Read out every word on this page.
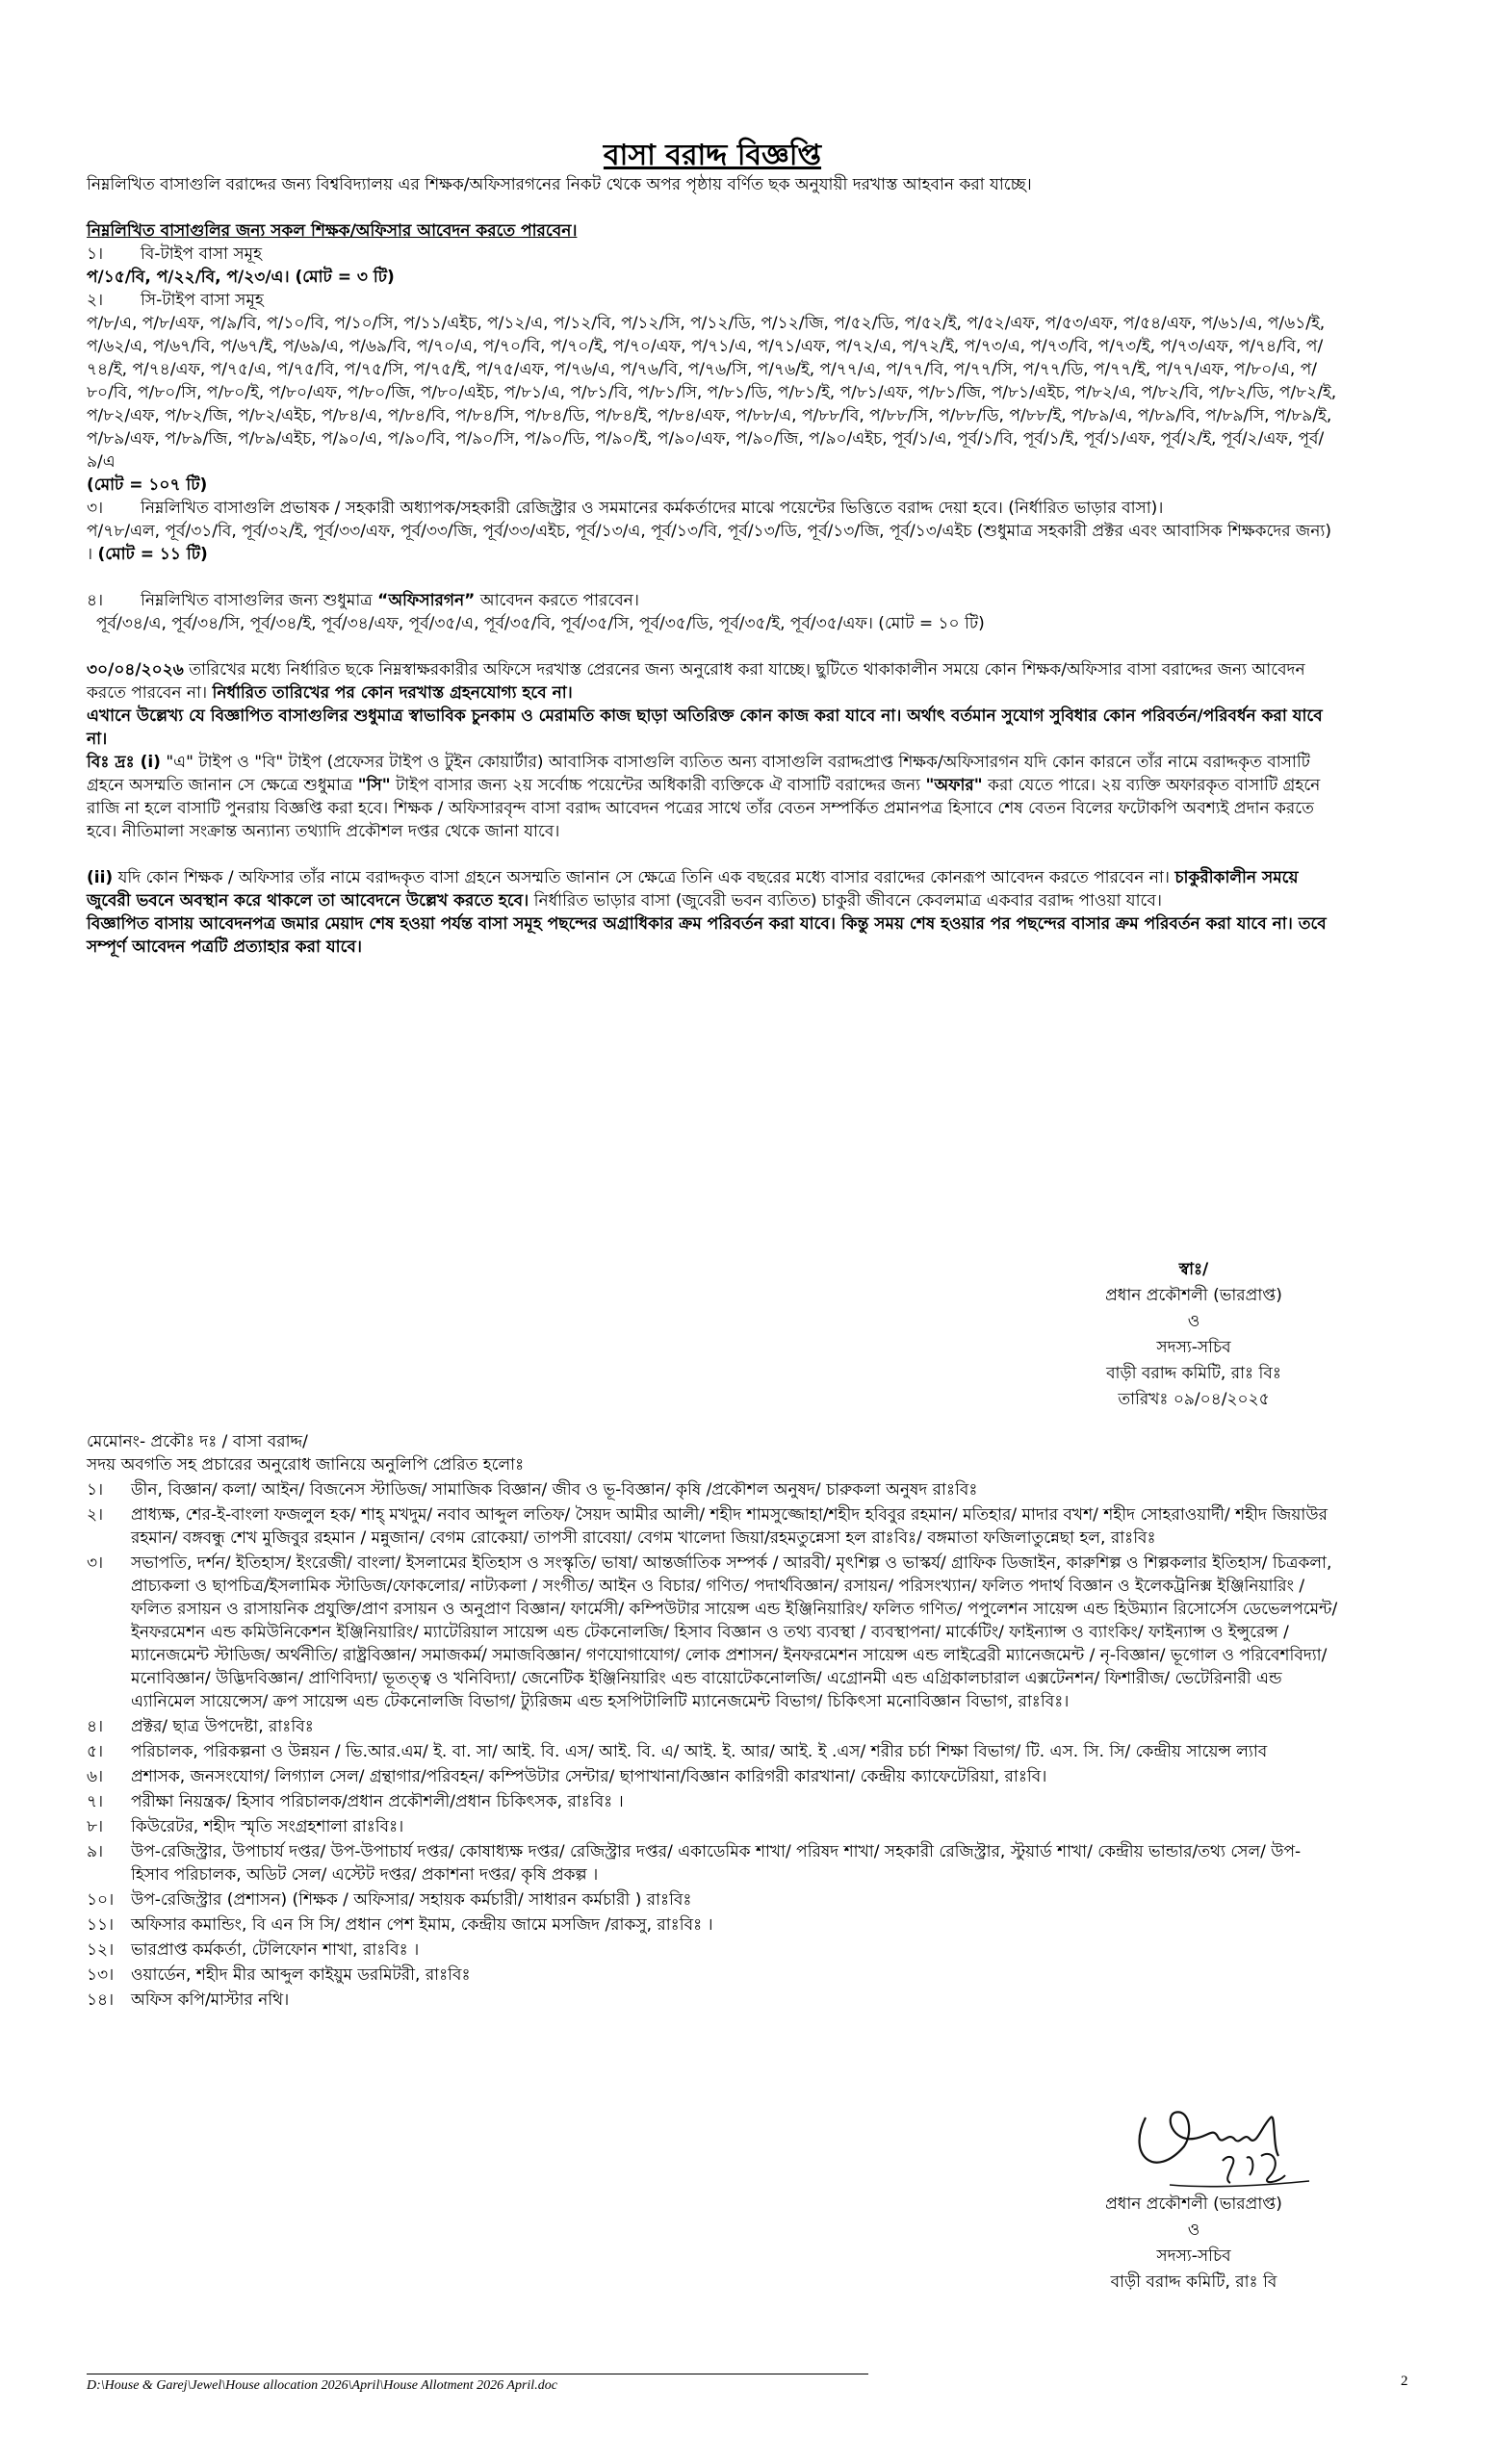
বাসা বরাদ্দ বিজ্ঞপ্তি

নিম্নলিখিত বাসাগুলি বরাদ্দের জন্য বিশ্ববিদ্যালয় এর শিক্ষক/অফিসারগনের নিকট থেকে অপর পৃষ্ঠায় বর্ণিত ছক অনুযায়ী দরখাস্ত আহবান করা যাচ্ছে।

নিম্নলিখিত বাসাগুলির জন্য সকল শিক্ষক/অফিসার আবেদন করতে পারবেন।

১।	বি-টাইপ বাসা সমূহ

প/১৫/বি, প/২২/বি, প/২৩/এ। (মোট = ৩ টি)

২।	সি-টাইপ বাসা সমূহ

প/৮/এ, প/৮/এফ, প/৯/বি, প/১০/বি, প/১০/সি, প/১১/এইচ, প/১২/এ, প/১২/বি, প/১২/সি, প/১২/ডি, প/১২/জি, প/৫২/ডি, প/৫২/ই, প/৫২/এফ, প/৫৩/এফ, প/৫৪/এফ, প/৬১/এ, প/৬১/ই, প/৬২/এ, প/৬৭/বি, প/৬৭/ই, প/৬৯/এ, প/৬৯/বি, প/৭০/এ, প/৭০/বি, প/৭০/ই, প/৭০/এফ, প/৭১/এ, প/৭১/এফ, প/৭২/এ, প/৭২/ই, প/৭৩/এ, প/৭৩/বি, প/৭৩/ই, প/৭৩/এফ, প/৭৪/বি, প/৭৪/ই, প/৭৪/এফ, প/৭৫/এ, প/৭৫/বি, প/৭৫/সি, প/৭৫/ই, প/৭৫/এফ, প/৭৬/এ, প/৭৬/বি, প/৭৬/সি, প/৭৬/ই, প/৭৭/এ, প/৭৭/বি, প/৭৭/সি, প/৭৭/ডি, প/৭৭/ই, প/৭৭/এফ, প/৮০/এ, প/৮০/বি, প/৮০/সি, প/৮০/ই, প/৮০/এফ, প/৮০/জি, প/৮০/এইচ, প/৮১/এ, প/৮১/বি, প/৮১/সি, প/৮১/ডি, প/৮১/ই, প/৮১/এফ, প/৮১/জি, প/৮১/এইচ, প/৮২/এ, প/৮২/বি, প/৮২/ডি, প/৮২/ই, প/৮২/এফ, প/৮২/জি, প/৮২/এইচ, প/৮৪/এ, প/৮৪/বি, প/৮৪/সি, প/৮৪/ডি, প/৮৪/ই, প/৮৪/এফ, প/৮৮/এ, প/৮৮/বি, প/৮৮/সি, প/৮৮/ডি, প/৮৮/ই, প/৮৯/এ, প/৮৯/বি, প/৮৯/সি, প/৮৯/ই, প/৮৯/এফ, প/৮৯/জি, প/৮৯/এইচ, প/৯০/এ, প/৯০/বি, প/৯০/সি, প/৯০/ডি, প/৯০/ই, প/৯০/এফ, প/৯০/জি, প/৯০/এইচ, পূর্ব/১/এ, পূর্ব/১/বি, পূর্ব/১/ই, পূর্ব/১/এফ, পূর্ব/২/ই, পূর্ব/২/এফ, পূর্ব/৯/এ

(মোট = ১০৭ টি)

৩।	নিম্নলিখিত বাসাগুলি প্রভাষক / সহকারী অধ্যাপক/সহকারী রেজিস্ট্রার ও সমমানের কর্মকর্তাদের মাঝে পয়েন্টের ভিত্তিতে বরাদ্দ দেয়া হবে। (নির্ধারিত ভাড়ার বাসা)।

প/৭৮/এল, পূর্ব/৩১/বি, পূর্ব/৩২/ই, পূর্ব/৩৩/এফ, পূর্ব/৩৩/জি, পূর্ব/৩৩/এইচ, পূর্ব/১৩/এ, পূর্ব/১৩/বি, পূর্ব/১৩/ডি, পূর্ব/১৩/জি, পূর্ব/১৩/এইচ (শুধুমাত্র সহকারী প্রক্টর এবং আবাসিক শিক্ষকদের জন্য) । (মোট = ১১ টি)

৪।	নিম্নলিখিত বাসাগুলির জন্য শুধুমাত্র “অফিসারগন” আবেদন করতে পারবেন।

পূর্ব/৩৪/এ, পূর্ব/৩৪/সি, পূর্ব/৩৪/ই, পূর্ব/৩৪/এফ, পূর্ব/৩৫/এ, পূর্ব/৩৫/বি, পূর্ব/৩৫/সি, পূর্ব/৩৫/ডি, পূর্ব/৩৫/ই, পূর্ব/৩৫/এফ। (মোট = ১০ টি)

৩০/০৪/২০২৬ তারিখের মধ্যে নির্ধারিত ছকে নিম্নস্বাক্ষরকারীর অফিসে দরখাস্ত প্রেরনের জন্য অনুরোধ করা যাচ্ছে। ছুটিতে থাকাকালীন সময়ে কোন শিক্ষক/অফিসার বাসা বরাদ্দের জন্য আবেদন করতে পারবেন না। নির্ধারিত তারিখের পর কোন দরখাস্ত গ্রহনযোগ্য হবে না।

এখানে উল্লেখ্য যে বিজ্ঞাপিত বাসাগুলির শুধুমাত্র স্বাভাবিক চুনকাম ও মেরামতি কাজ ছাড়া অতিরিক্ত কোন কাজ করা যাবে না। অর্থাৎ বর্তমান সুযোগ সুবিধার কোন পরিবর্তন/পরিবর্ধন করা যাবে না।

বিঃ দ্রঃ (i) "এ" টাইপ ও "বি" টাইপ (প্রফেসর টাইপ ও টুইন কোয়ার্টার) আবাসিক বাসাগুলি ব্যতিত অন্য বাসাগুলি বরাদ্দপ্রাপ্ত শিক্ষক/অফিসারগন যদি কোন কারনে তাঁর নামে বরাদ্দকৃত বাসাটি গ্রহনে অসম্মতি জানান সে ক্ষেত্রে শুধুমাত্র "সি" টাইপ বাসার জন্য ২য় সর্বোচ্চ পয়েন্টের অধিকারী ব্যক্তিকে ঐ বাসাটি বরাদ্দের জন্য "অফার" করা যেতে পারে। ২য় ব্যক্তি অফারকৃত বাসাটি গ্রহনে রাজি না হলে বাসাটি পুনরায় বিজ্ঞপ্তি করা হবে। শিক্ষক / অফিসারবৃন্দ বাসা বরাদ্দ আবেদন পত্রের সাথে তাঁর বেতন সম্পর্কিত প্রমানপত্র হিসাবে শেষ বেতন বিলের ফটোকপি অবশ্যই প্রদান করতে হবে। নীতিমালা সংক্রান্ত অন্যান্য তথ্যাদি প্রকৌশল দপ্তর থেকে জানা যাবে।

(ii) যদি কোন শিক্ষক / অফিসার তাঁর নামে বরাদ্দকৃত বাসা গ্রহনে অসম্মতি জানান সে ক্ষেত্রে তিনি এক বছরের মধ্যে বাসার বরাদ্দের কোনরূপ আবেদন করতে পারবেন না। চাকুরীকালীন সময়ে জুবেরী ভবনে অবস্থান করে থাকলে তা আবেদনে উল্লেখ করতে হবে। নির্ধারিত ভাড়ার বাসা (জুবেরী ভবন ব্যতিত) চাকুরী জীবনে কেবলমাত্র একবার বরাদ্দ পাওয়া যাবে।

বিজ্ঞাপিত বাসায় আবেদনপত্র জমার মেয়াদ শেষ হওয়া পর্যন্ত বাসা সমূহ পছন্দের অগ্রাধিকার ক্রম পরিবর্তন করা যাবে। কিন্তু সময় শেষ হওয়ার পর পছন্দের বাসার ক্রম পরিবর্তন করা যাবে না। তবে সম্পূর্ণ আবেদন পত্রটি প্রত্যাহার করা যাবে।

স্বাঃ/
প্রধান প্রকৌশলী (ভারপ্রাপ্ত)
ও
সদস্য-সচিব
বাড়ী বরাদ্দ কমিটি, রাঃ বিঃ
তারিখঃ ০৯/০৪/২০২৫

মেমোনং- প্রকৌঃ দঃ / বাসা বরাদ্দ/

সদয় অবগতি সহ প্রচারের অনুরোধ জানিয়ে অনুলিপি প্রেরিত হলোঃ

১।	ডীন, বিজ্ঞান/ কলা/ আইন/ বিজনেস স্টাডিজ/ সামাজিক বিজ্ঞান/ জীব ও ভূ-বিজ্ঞান/ কৃষি /প্রকৌশল অনুষদ/ চারুকলা অনুষদ রাঃবিঃ
২।	প্রাধ্যক্ষ, শের-ই-বাংলা ফজলুল হক/ শাহ্ মখদুম/ নবাব আব্দুল লতিফ/ সৈয়দ আমীর আলী/ শহীদ শামসুজ্জোহা/শহীদ হবিবুর রহমান/ মতিহার/ মাদার বখশ/ শহীদ সোহরাওয়ার্দী/ শহীদ জিয়াউর রহমান/ বঙ্গবন্ধু শেখ মুজিবুর রহমান / মন্নুজান/ বেগম রোকেয়া/ তাপসী রাবেয়া/ বেগম খালেদা জিয়া/রহমতুন্নেসা হল রাঃবিঃ/ বঙ্গমাতা ফজিলাতুন্নেছা হল, রাঃবিঃ
৩।	সভাপতি, দর্শন/ ইতিহাস/ ইংরেজী/ বাংলা/ ইসলামের ইতিহাস ও সংস্কৃতি/ ভাষা/ আন্তর্জাতিক সম্পর্ক / আরবী/ মৃৎশিল্প ও ভাস্কর্য/ গ্রাফিক ডিজাইন, কারুশিল্প ও শিল্পকলার ইতিহাস/ চিত্রকলা, প্রাচ্যকলা ও ছাপচিত্র/ইসলামিক স্টাডিজ/ফোকলোর/ নাট্যকলা / সংগীত/ আইন ও বিচার/ গণিত/ পদার্থবিজ্ঞান/ রসায়ন/ পরিসংখ্যান/ ফলিত পদার্থ বিজ্ঞান ও ইলেকট্রনিক্স ইঞ্জিনিয়ারিং / ফলিত রসায়ন ও রাসায়নিক প্রযুক্তি/প্রাণ রসায়ন ও অনুপ্রাণ বিজ্ঞান/ ফার্মেসী/ কম্পিউটার সায়েন্স এন্ড ইঞ্জিনিয়ারিং/ ফলিত গণিত/ পপুলেশন সায়েন্স এন্ড হিউম্যান রিসোর্সেস ডেভেলপমেন্ট/ ইনফরমেশন এন্ড কমিউনিকেশন ইঞ্জিনিয়ারিং/ ম্যাটেরিয়াল সায়েন্স এন্ড টেকনোলজি/ হিসাব বিজ্ঞান ও তথ্য ব্যবস্থা / ব্যবস্থাপনা/ মার্কেটিং/ ফাইন্যান্স ও ব্যাংকিং/ ফাইন্যান্স ও ইন্সুরেন্স / ম্যানেজমেন্ট স্টাডিজ/ অর্থনীতি/ রাষ্ট্রবিজ্ঞান/ সমাজকর্ম/ সমাজবিজ্ঞান/ গণযোগাযোগ/ লোক প্রশাসন/ ইনফরমেশন সায়েন্স এন্ড লাইব্রেরী ম্যানেজমেন্ট / নৃ-বিজ্ঞান/ ভূগোল ও পরিবেশবিদ্যা/ মনোবিজ্ঞান/ উদ্ভিদবিজ্ঞান/ প্রাণিবিদ্যা/ ভূতত্ত্ব ও খনিবিদ্যা/ জেনেটিক ইঞ্জিনিয়ারিং এন্ড বায়োটেকনোলজি/ এগ্রোনমী এন্ড এগ্রিকালচারাল এক্সটেনশন/ ফিশারীজ/ ভেটেরিনারী এন্ড এ্যানিমেল সায়েন্সেস/ ক্রপ সায়েন্স এন্ড টেকনোলজি বিভাগ/ ট্যুরিজম এন্ড হসপিটালিটি ম্যানেজমেন্ট বিভাগ/ চিকিৎসা মনোবিজ্ঞান বিভাগ, রাঃবিঃ।
৪।	প্রক্টর/ ছাত্র উপদেষ্টা, রাঃবিঃ
৫।	পরিচালক, পরিকল্পনা ও উন্নয়ন / ভি.আর.এম/ ই. বা. সা/ আই. বি. এস/ আই. বি. এ/ আই. ই. আর/ আই. ই .এস/ শরীর চর্চা শিক্ষা বিভাগ/ টি. এস. সি. সি/ কেন্দ্রীয় সায়েন্স ল্যাব
৬।	প্রশাসক, জনসংযোগ/ লিগ্যাল সেল/ গ্রন্থাগার/পরিবহন/ কম্পিউটার সেন্টার/ ছাপাখানা/বিজ্ঞান কারিগরী কারখানা/ কেন্দ্রীয় ক্যাফেটেরিয়া, রাঃবি।
৭।	পরীক্ষা নিয়ন্ত্রক/ হিসাব পরিচালক/প্রধান প্রকৌশলী/প্রধান চিকিৎসক, রাঃবিঃ ।
৮।	কিউরেটর, শহীদ স্মৃতি সংগ্রহশালা রাঃবিঃ।
৯।	উপ-রেজিস্ট্রার, উপাচার্য দপ্তর/ উপ-উপাচার্য দপ্তর/ কোষাধ্যক্ষ দপ্তর/ রেজিস্ট্রার দপ্তর/ একাডেমিক শাখা/ পরিষদ শাখা/ সহকারী রেজিস্ট্রার, স্টুয়ার্ড শাখা/ কেন্দ্রীয় ভান্ডার/তথ্য সেল/ উপ-হিসাব পরিচালক, অডিট সেল/ এস্টেট দপ্তর/ প্রকাশনা দপ্তর/ কৃষি প্রকল্প ।
১০।	উপ-রেজিস্ট্রার (প্রশাসন) (শিক্ষক / অফিসার/ সহায়ক কর্মচারী/ সাধারন কর্মচারী ) রাঃবিঃ
১১।	অফিসার কমান্ডিং, বি এন সি সি/ প্রধান পেশ ইমাম, কেন্দ্রীয় জামে মসজিদ /রাকসু, রাঃবিঃ ।
১২।	ভারপ্রাপ্ত কর্মকর্তা, টেলিফোন শাখা, রাঃবিঃ ।
১৩।	ওয়ার্ডেন, শহীদ মীর আব্দুল কাইয়ুম ডরমিটরী, রাঃবিঃ
১৪।	অফিস কপি/মাস্টার নথি।
প্রধান প্রকৌশলী (ভারপ্রাপ্ত)
ও
সদস্য-সচিব
বাড়ী বরাদ্দ কমিটি, রাঃ বি
D:\House & Garej\Jewel\House allocation 2026\April\House Allotment 2026 April.doc	2
